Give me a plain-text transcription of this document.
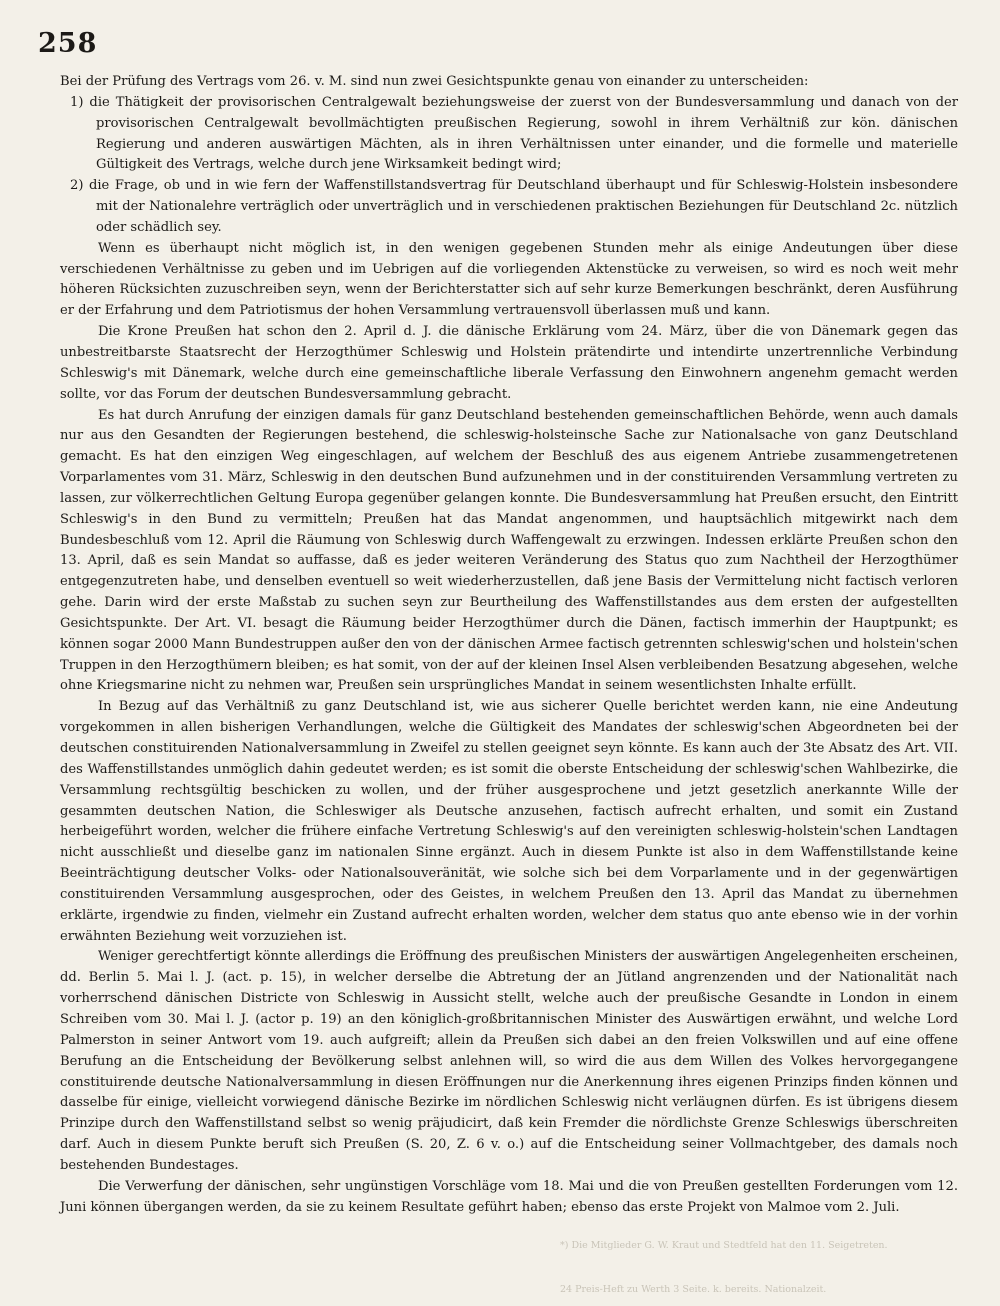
258

Bei der Prüfung des Vertrags vom 26. v. M. sind nun zwei Gesichtspunkte genau von einander zu unterscheiden:

1) die Thätigkeit der provisorischen Centralgewalt beziehungsweise der zuerst von der Bundesversammlung und danach von der provisorischen Centralgewalt bevollmächtigten preußischen Regierung, sowohl in ihrem Verhältniß zur kön. dänischen Regierung und anderen auswärtigen Mächten, als in ihren Verhältnissen unter einander, und die formelle und materielle Gültigkeit des Vertrags, welche durch jene Wirksamkeit bedingt wird;

2) die Frage, ob und in wie fern der Waffenstillstandsvertrag für Deutschland überhaupt und für Schleswig-Holstein insbesondere mit der Nationalehre verträglich oder unverträglich und in verschiedenen praktischen Beziehungen für Deutschland 2c. nützlich oder schädlich sey.

Wenn es überhaupt nicht möglich ist, in den wenigen gegebenen Stunden mehr als einige Andeutungen über diese verschiedenen Verhältnisse zu geben und im Uebrigen auf die vorliegenden Aktenstücke zu verweisen, so wird es noch weit mehr höheren Rücksichten zuzuschreiben seyn, wenn der Berichterstatter sich auf sehr kurze Bemerkungen beschränkt, deren Ausführung er der Erfahrung und dem Patriotismus der hohen Versammlung vertrauensvoll überlassen muß und kann.

Die Krone Preußen hat schon den 2. April d. J. die dänische Erklärung vom 24. März, über die von Dänemark gegen das unbestreitbarste Staatsrecht der Herzogthümer Schleswig und Holstein prätendirte und intendirte unzertrennliche Verbindung Schleswig's mit Dänemark, welche durch eine gemeinschaftliche liberale Verfassung den Einwohnern angenehm gemacht werden sollte, vor das Forum der deutschen Bundesversammlung gebracht.

Es hat durch Anrufung der einzigen damals für ganz Deutschland bestehenden gemeinschaftlichen Behörde, wenn auch damals nur aus den Gesandten der Regierungen bestehend, die schleswig-holsteinsche Sache zur Nationalsache von ganz Deutschland gemacht. Es hat den einzigen Weg eingeschlagen, auf welchem der Beschluß des aus eigenem Antriebe zusammengetretenen Vorparlamentes vom 31. März, Schleswig in den deutschen Bund aufzunehmen und in der constituirenden Versammlung vertreten zu lassen, zur völkerrechtlichen Geltung Europa gegenüber gelangen konnte. Die Bundesversammlung hat Preußen ersucht, den Eintritt Schleswig's in den Bund zu vermitteln; Preußen hat das Mandat angenommen, und hauptsächlich mitgewirkt nach dem Bundesbeschluß vom 12. April die Räumung von Schleswig durch Waffengewalt zu erzwingen. Indessen erklärte Preußen schon den 13. April, daß es sein Mandat so auffasse, daß es jeder weiteren Veränderung des Status quo zum Nachtheil der Herzogthümer entgegenzutreten habe, und denselben eventuell so weit wiederherzustellen, daß jene Basis der Vermittelung nicht factisch verloren gehe. Darin wird der erste Maßstab zu suchen seyn zur Beurtheilung des Waffenstillstandes aus dem ersten der aufgestellten Gesichtspunkte. Der Art. VI. besagt die Räumung beider Herzogthümer durch die Dänen, factisch immerhin der Hauptpunkt; es können sogar 2000 Mann Bundestruppen außer den von der dänischen Armee factisch getrennten schleswig'schen und holstein'schen Truppen in den Herzogthümern bleiben; es hat somit, von der auf der kleinen Insel Alsen verbleibenden Besatzung abgesehen, welche ohne Kriegsmarine nicht zu nehmen war, Preußen sein ursprüngliches Mandat in seinem wesentlichsten Inhalte erfüllt.

In Bezug auf das Verhältniß zu ganz Deutschland ist, wie aus sicherer Quelle berichtet werden kann, nie eine Andeutung vorgekommen in allen bisherigen Verhandlungen, welche die Gültigkeit des Mandates der schleswig'schen Abgeordneten bei der deutschen constituirenden Nationalversammlung in Zweifel zu stellen geeignet seyn könnte. Es kann auch der 3te Absatz des Art. VII. des Waffenstillstandes unmöglich dahin gedeutet werden; es ist somit die oberste Entscheidung der schleswig'schen Wahlbezirke, die Versammlung rechtsgültig beschicken zu wollen, und der früher ausgesprochene und jetzt gesetzlich anerkannte Wille der gesammten deutschen Nation, die Schleswiger als Deutsche anzusehen, factisch aufrecht erhalten, und somit ein Zustand herbeigeführt worden, welcher die frühere einfache Vertretung Schleswig's auf den vereinigten schleswig-holstein'schen Landtagen nicht ausschließt und dieselbe ganz im nationalen Sinne ergänzt. Auch in diesem Punkte ist also in dem Waffenstillstande keine Beeinträchtigung deutscher Volks- oder Nationalsouveränität, wie solche sich bei dem Vorparlamente und in der gegenwärtigen constituirenden Versammlung ausgesprochen, oder des Geistes, in welchem Preußen den 13. April das Mandat zu übernehmen erklärte, irgendwie zu finden, vielmehr ein Zustand aufrecht erhalten worden, welcher dem status quo ante ebenso wie in der vorhin erwähnten Beziehung weit vorzuziehen ist.

Weniger gerechtfertigt könnte allerdings die Eröffnung des preußischen Ministers der auswärtigen Angelegenheiten erscheinen, dd. Berlin 5. Mai l. J. (act. p. 15), in welcher derselbe die Abtretung der an Jütland angrenzenden und der Nationalität nach vorherrschend dänischen Districte von Schleswig in Aussicht stellt, welche auch der preußische Gesandte in London in einem Schreiben vom 30. Mai l. J. (actor p. 19) an den königlich-großbritannischen Minister des Auswärtigen erwähnt, und welche Lord Palmerston in seiner Antwort vom 19. auch aufgreift; allein da Preußen sich dabei an den freien Volkswillen und auf eine offene Berufung an die Entscheidung der Bevölkerung selbst anlehnen will, so wird die aus dem Willen des Volkes hervorgegangene constituirende deutsche Nationalversammlung in diesen Eröffnungen nur die Anerkennung ihres eigenen Prinzips finden können und dasselbe für einige, vielleicht vorwiegend dänische Bezirke im nördlichen Schleswig nicht verläugnen dürfen. Es ist übrigens diesem Prinzipe durch den Waffenstillstand selbst so wenig präjudicirt, daß kein Fremder die nördlichste Grenze Schleswigs überschreiten darf. Auch in diesem Punkte beruft sich Preußen (S. 20, Z. 6 v. o.) auf die Entscheidung seiner Vollmachtgeber, des damals noch bestehenden Bundestages.

Die Verwerfung der dänischen, sehr ungünstigen Vorschläge vom 18. Mai und die von Preußen gestellten Forderungen vom 12. Juni können übergangen werden, da sie zu keinem Resultate geführt haben; ebenso das erste Projekt von Malmoe vom 2. Juli.

*) Die Mitglieder G. W. Kraut und Stedtfeld hat den 11. Seigetreten.
24 Preis-Heft zu Werth 3 Seite. k. bereits. Nationalzeit.
